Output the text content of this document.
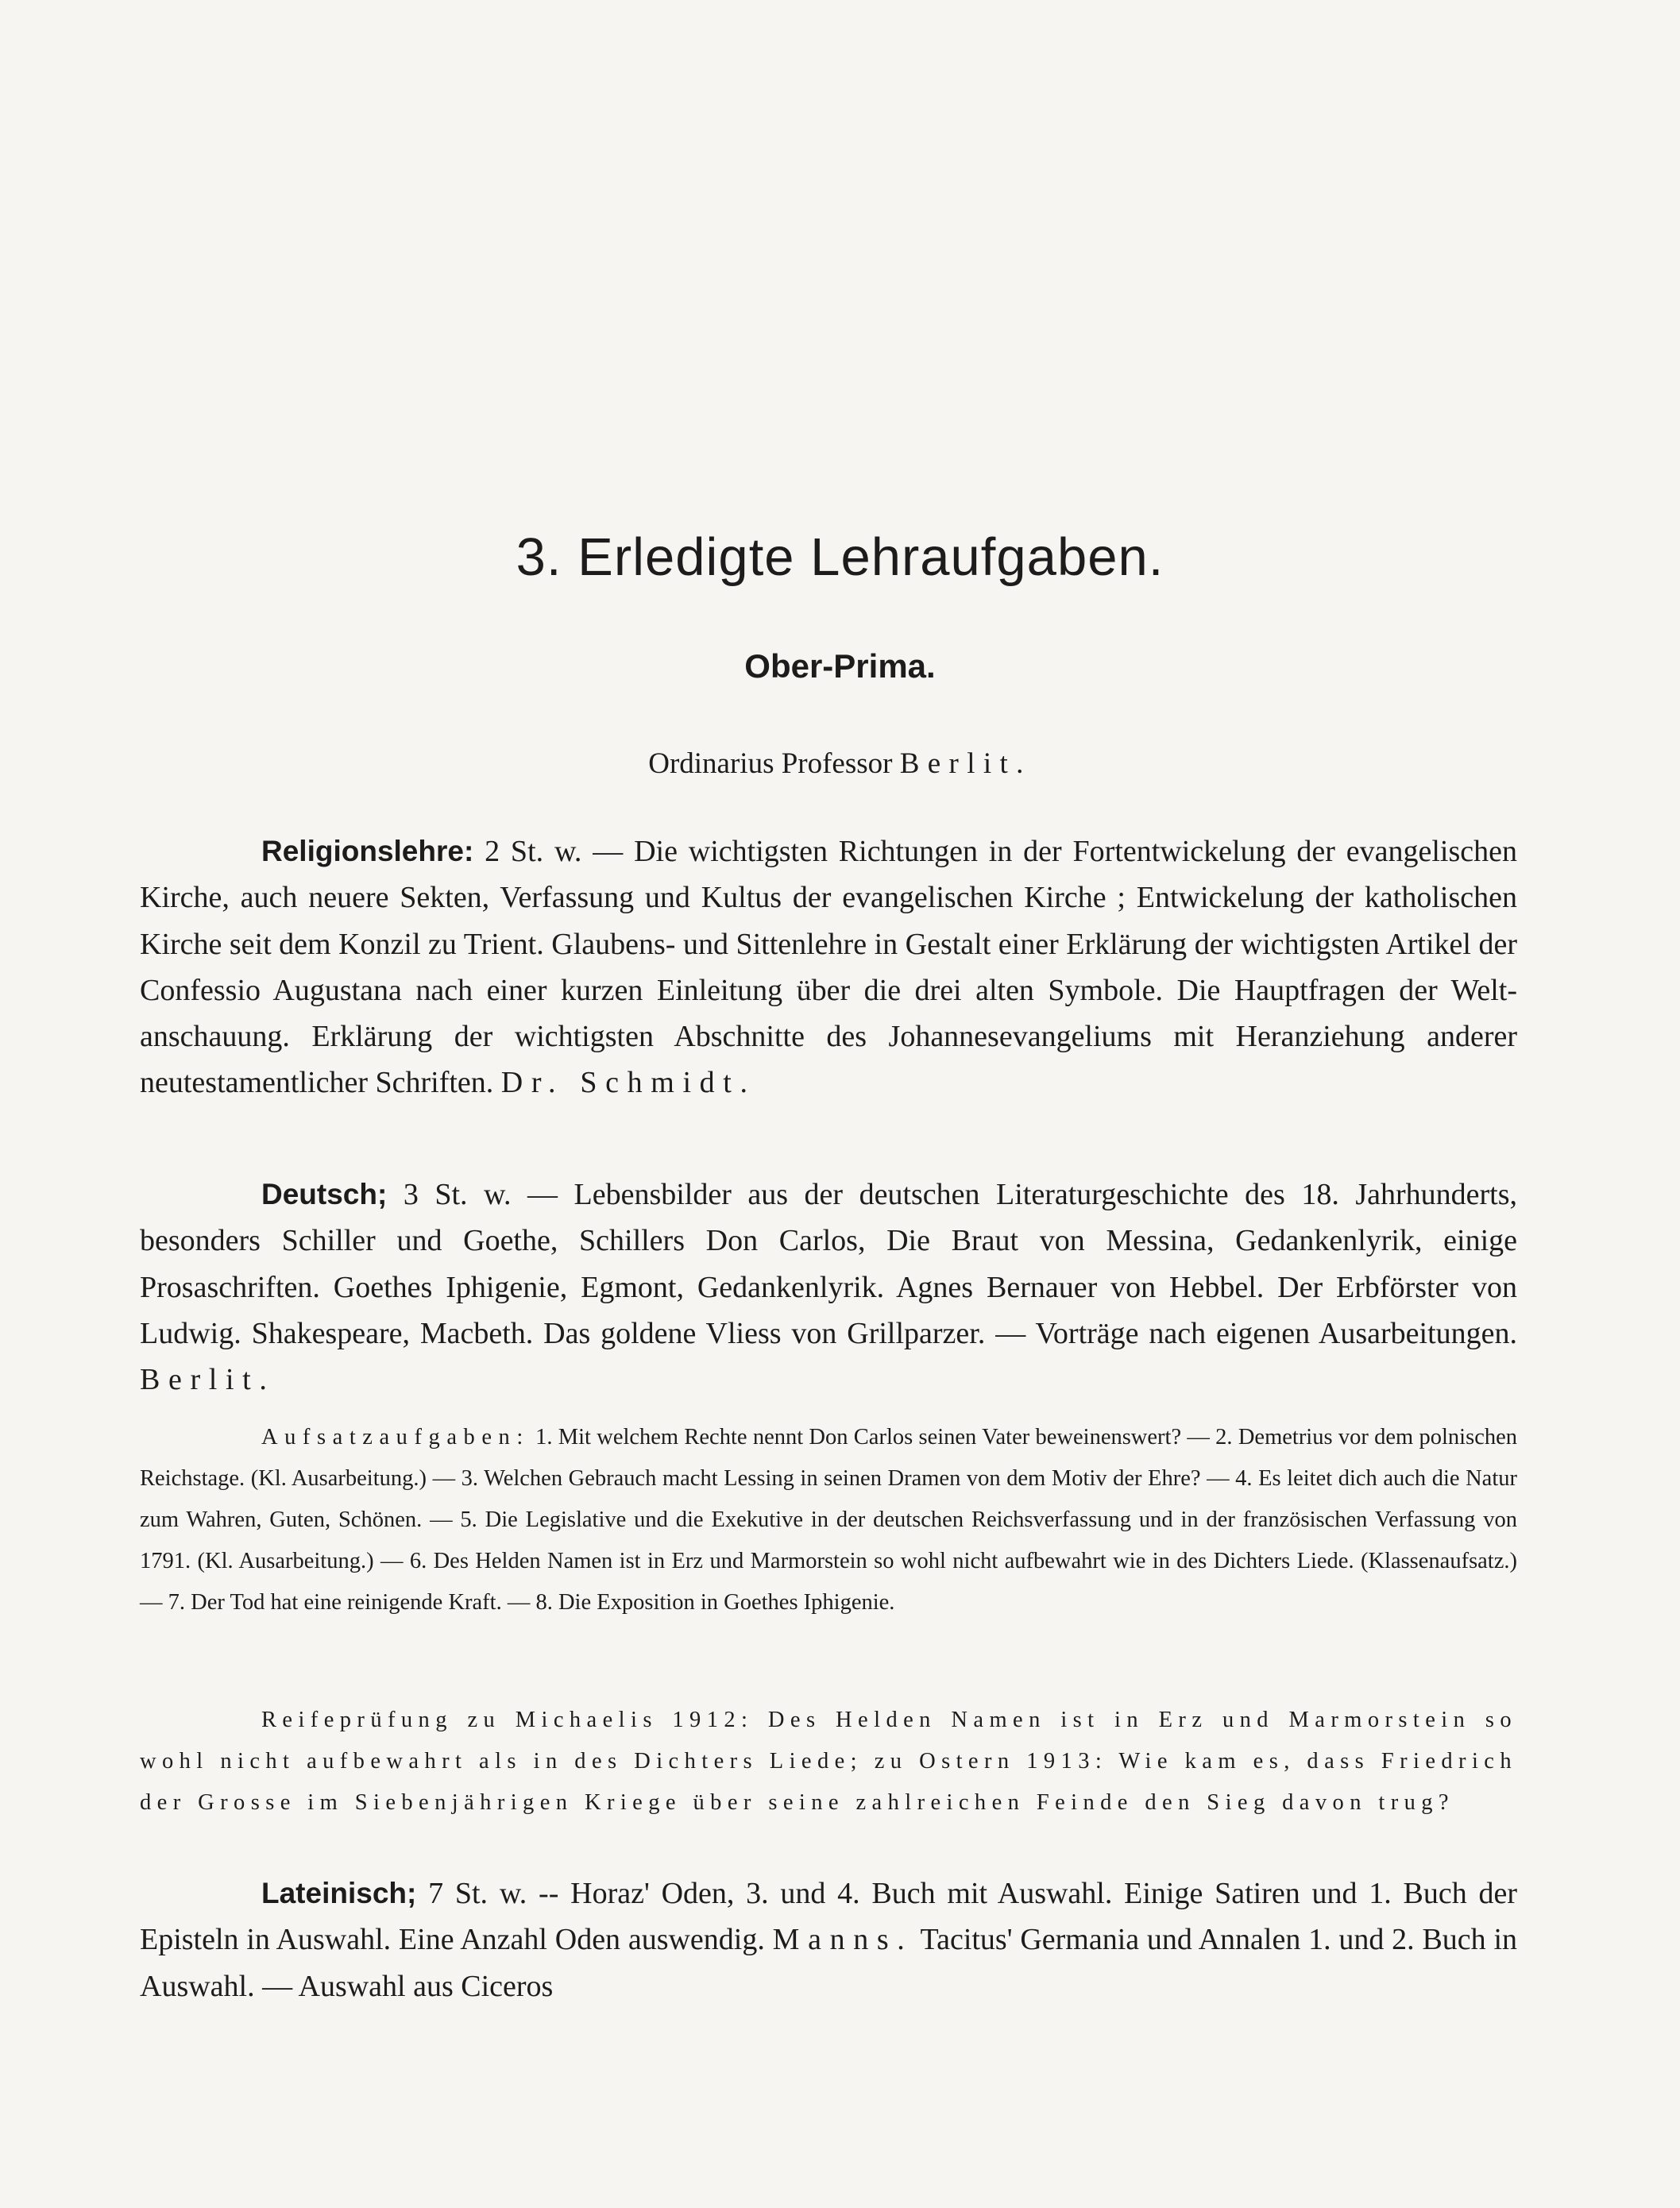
3. Erledigte Lehraufgaben.
Ober-Prima.
Ordinarius Professor Berlit.

Religionslehre: 2 St. w. — Die wichtigsten Richtungen in der Fortentwickelung der evangelischen Kirche, auch neuere Sekten, Verfassung und Kultus der evangelischen Kirche ; Entwickelung der katholischen Kirche seit dem Konzil zu Trient. Glaubens- und Sittenlehre in Gestalt einer Erklärung der wichtigsten Artikel der Confessio Augustana nach einer kurzen Einleitung über die drei alten Symbole. Die Hauptfragen der Weltanschauung. Erklärung der wichtigsten Abschnitte des Johannesevangeliums mit Heranziehung anderer neutestamentlicher Schriften. Dr. Schmidt.

Deutsch; 3 St. w. — Lebensbilder aus der deutschen Literaturgeschichte des 18. Jahrhunderts, besonders Schiller und Goethe, Schillers Don Carlos, Die Braut von Messina, Gedankenlyrik, einige Prosaschriften. Goethes Iphigenie, Egmont, Gedankenlyrik. Agnes Bernauer von Hebbel. Der Erbförster von Ludwig. Shakespeare, Macbeth. Das goldene Vliess von Grillparzer. — Vorträge nach eigenen Ausarbeitungen. Berlit.

Aufsatzaufgaben: 1. Mit welchem Rechte nennt Don Carlos seinen Vater beweinenswert? — 2. Demetrius vor dem polnischen Reichstage. (Kl. Ausarbeitung.) — 3. Welchen Gebrauch macht Lessing in seinen Dramen von dem Motiv der Ehre? — 4. Es leitet dich auch die Natur zum Wahren, Guten, Schönen. — 5. Die Legislative und die Exekutive in der deutschen Reichsverfassung und in der französischen Verfassung von 1791. (Kl. Ausarbeitung.) — 6. Des Helden Namen ist in Erz und Marmorstein so wohl nicht aufbewahrt wie in des Dichters Liede. (Klassenaufsatz.) — 7. Der Tod hat eine reinigende Kraft. — 8. Die Exposition in Goethes Iphigenie.

Reifeprüfung zu Michaelis 1912: Des Helden Namen ist in Erz und Marmorstein so wohl nicht aufbewahrt als in des Dichters Liede; zu Ostern 1913: Wie kam es, dass Friedrich der Grosse im Siebenjährigen Kriege über seine zahlreichen Feinde den Sieg davon trug?

Lateinisch; 7 St. w. -- Horaz' Oden, 3. und 4. Buch mit Auswahl. Einige Satiren und 1. Buch der Episteln in Auswahl. Eine Anzahl Oden auswendig. Manns. Tacitus' Germania und Annalen 1. und 2. Buch in Auswahl. — Auswahl aus Ciceros
